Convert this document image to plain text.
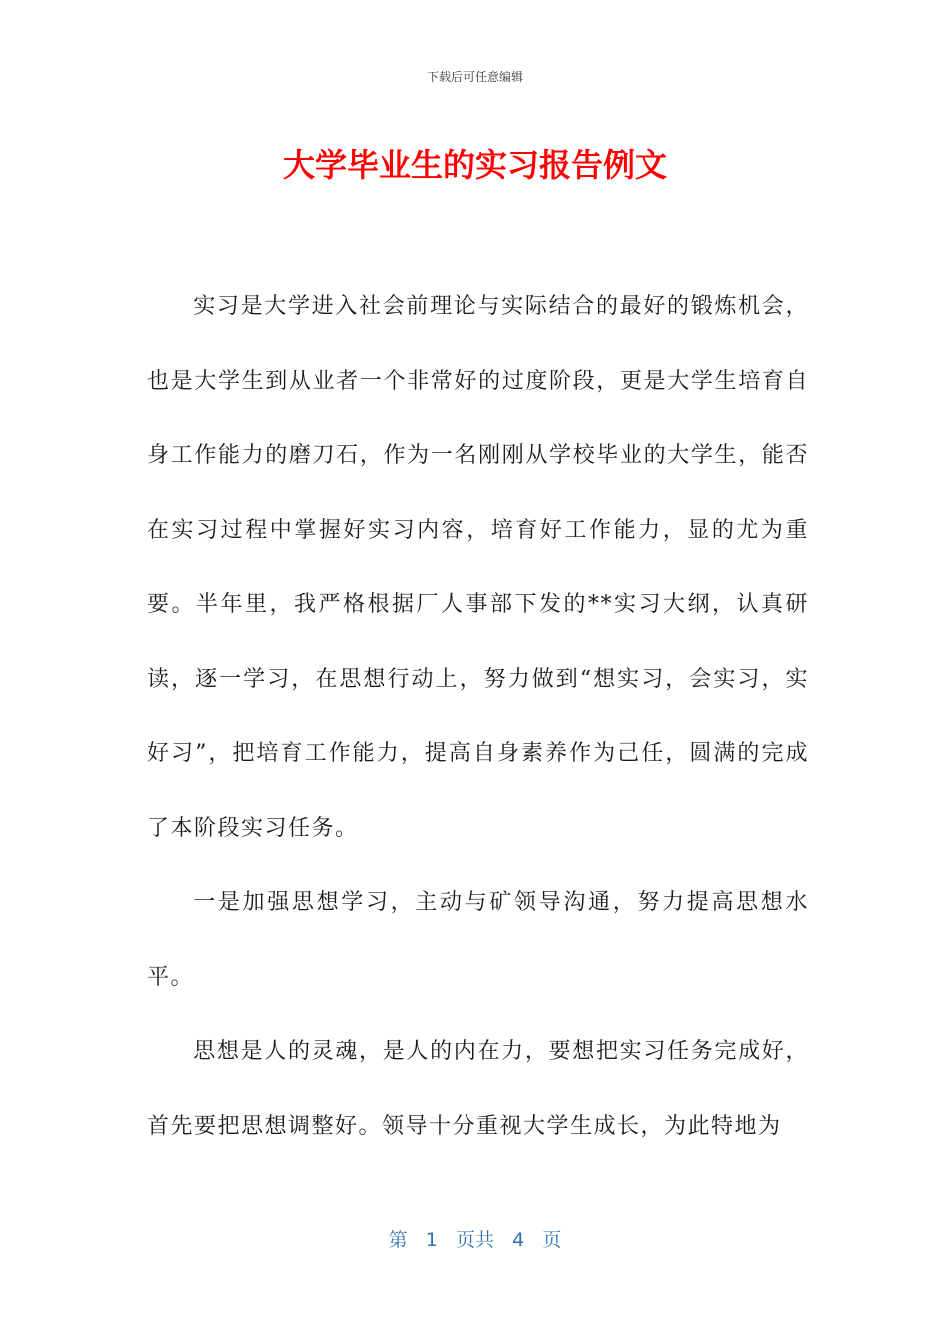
下载后可任意编辑
大学毕业生的实习报告例文

实习是大学进入社会前理论与实际结合的最好的锻炼机会，也是大学生到从业者一个非常好的过度阶段，更是大学生培育自身工作能力的磨刀石，作为一名刚刚从学校毕业的大学生，能否在实习过程中掌握好实习内容，培育好工作能力，显的尤为重要。半年里，我严格根据厂人事部下发的**实习大纲，认真研读，逐一学习，在思想行动上，努力做到“想实习，会实习，实好习”，把培育工作能力，提高自身素养作为己任，圆满的完成了本阶段实习任务。

一是加强思想学习，主动与矿领导沟通，努力提高思想水平。

思想是人的灵魂，是人的内在力，要想把实习任务完成好，首先要把思想调整好。领导十分重视大学生成长，为此特地为

第 1 页共 4 页
